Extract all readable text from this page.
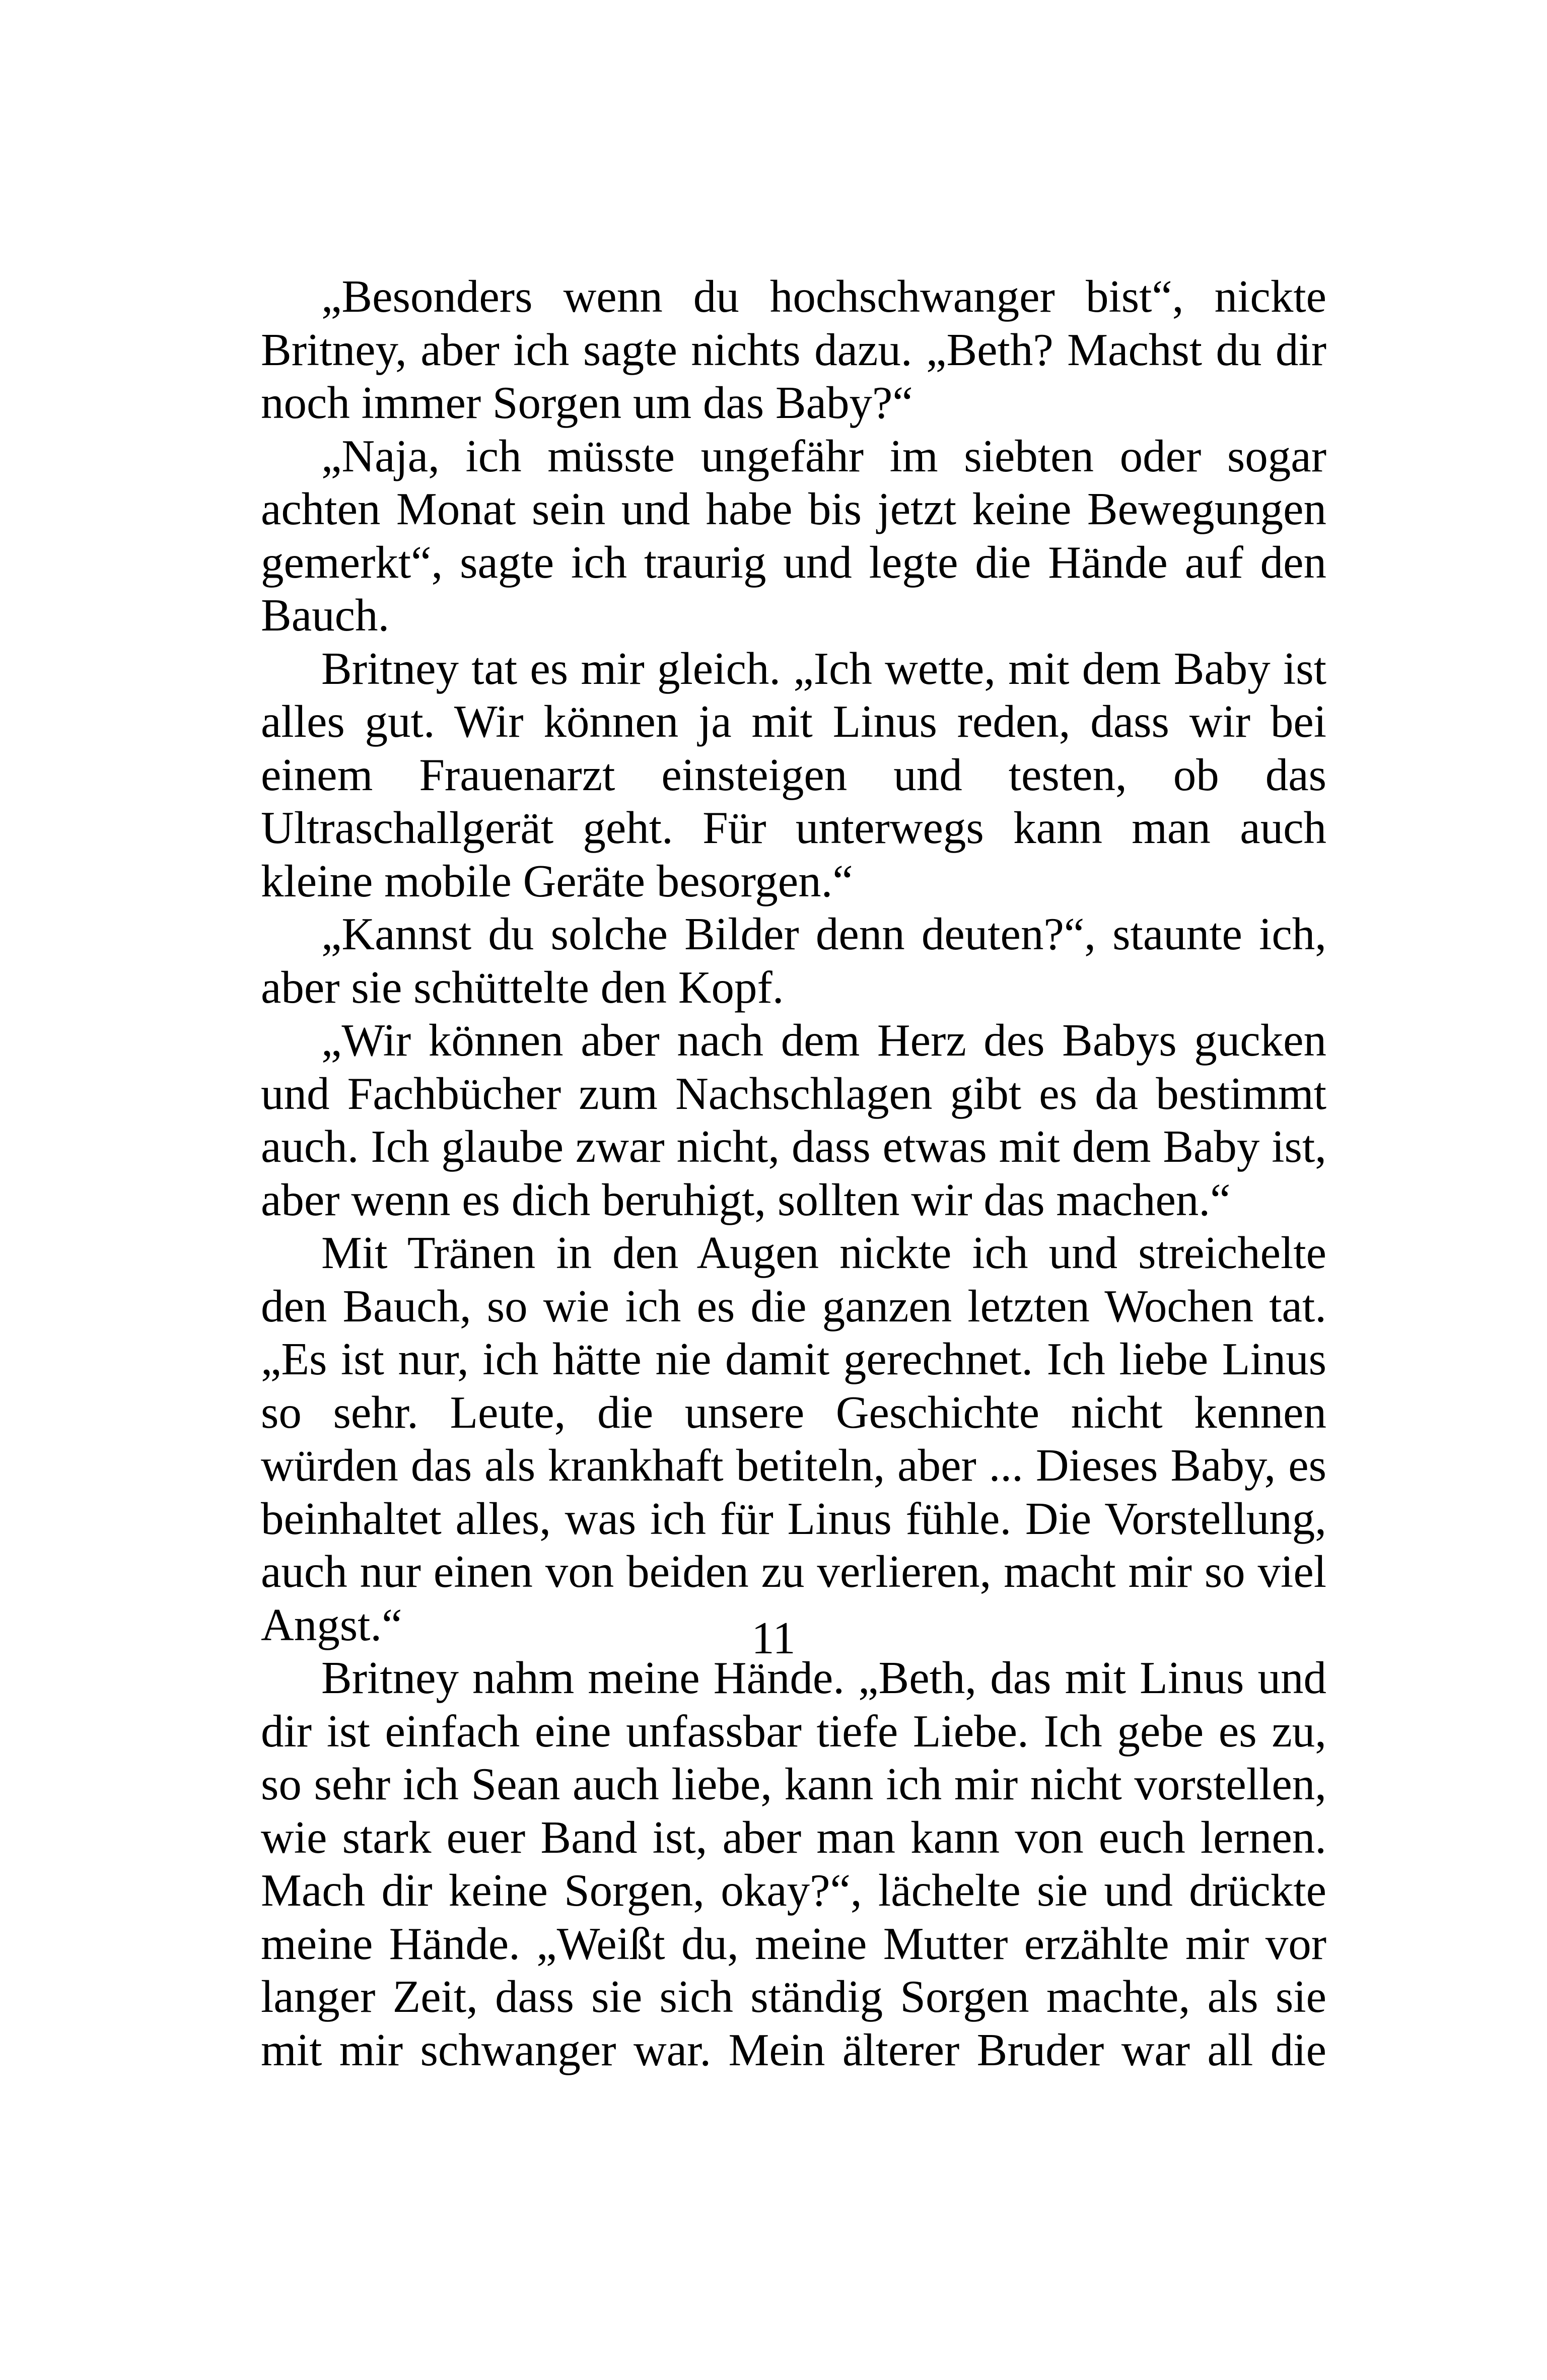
„Besonders wenn du hochschwanger bist“, nickte
Britney, aber ich sagte nichts dazu. „Beth? Machst du dir
noch immer Sorgen um das Baby?“
„Naja, ich müsste ungefähr im siebten oder sogar
achten Monat sein und habe bis jetzt keine Bewegungen
gemerkt“, sagte ich traurig und legte die Hände auf den
Bauch.
Britney tat es mir gleich. „Ich wette, mit dem Baby ist
alles gut. Wir können ja mit Linus reden, dass wir bei
einem Frauenarzt einsteigen und testen, ob das
Ultraschallgerät geht. Für unterwegs kann man auch
kleine mobile Geräte besorgen.“
„Kannst du solche Bilder denn deuten?“, staunte ich,
aber sie schüttelte den Kopf.
„Wir können aber nach dem Herz des Babys gucken
und Fachbücher zum Nachschlagen gibt es da bestimmt
auch. Ich glaube zwar nicht, dass etwas mit dem Baby ist,
aber wenn es dich beruhigt, sollten wir das machen.“
Mit Tränen in den Augen nickte ich und streichelte
den Bauch, so wie ich es die ganzen letzten Wochen tat.
„Es ist nur, ich hätte nie damit gerechnet. Ich liebe Linus
so sehr. Leute, die unsere Geschichte nicht kennen
würden das als krankhaft betiteln, aber ... Dieses Baby, es
beinhaltet alles, was ich für Linus fühle. Die Vorstellung,
auch nur einen von beiden zu verlieren, macht mir so viel
Angst.“
Britney nahm meine Hände. „Beth, das mit Linus und
dir ist einfach eine unfassbar tiefe Liebe. Ich gebe es zu,
so sehr ich Sean auch liebe, kann ich mir nicht vorstellen,
wie stark euer Band ist, aber man kann von euch lernen.
Mach dir keine Sorgen, okay?“, lächelte sie und drückte
meine Hände. „Weißt du, meine Mutter erzählte mir vor
langer Zeit, dass sie sich ständig Sorgen machte, als sie
mit mir schwanger war. Mein älterer Bruder war all die
11
